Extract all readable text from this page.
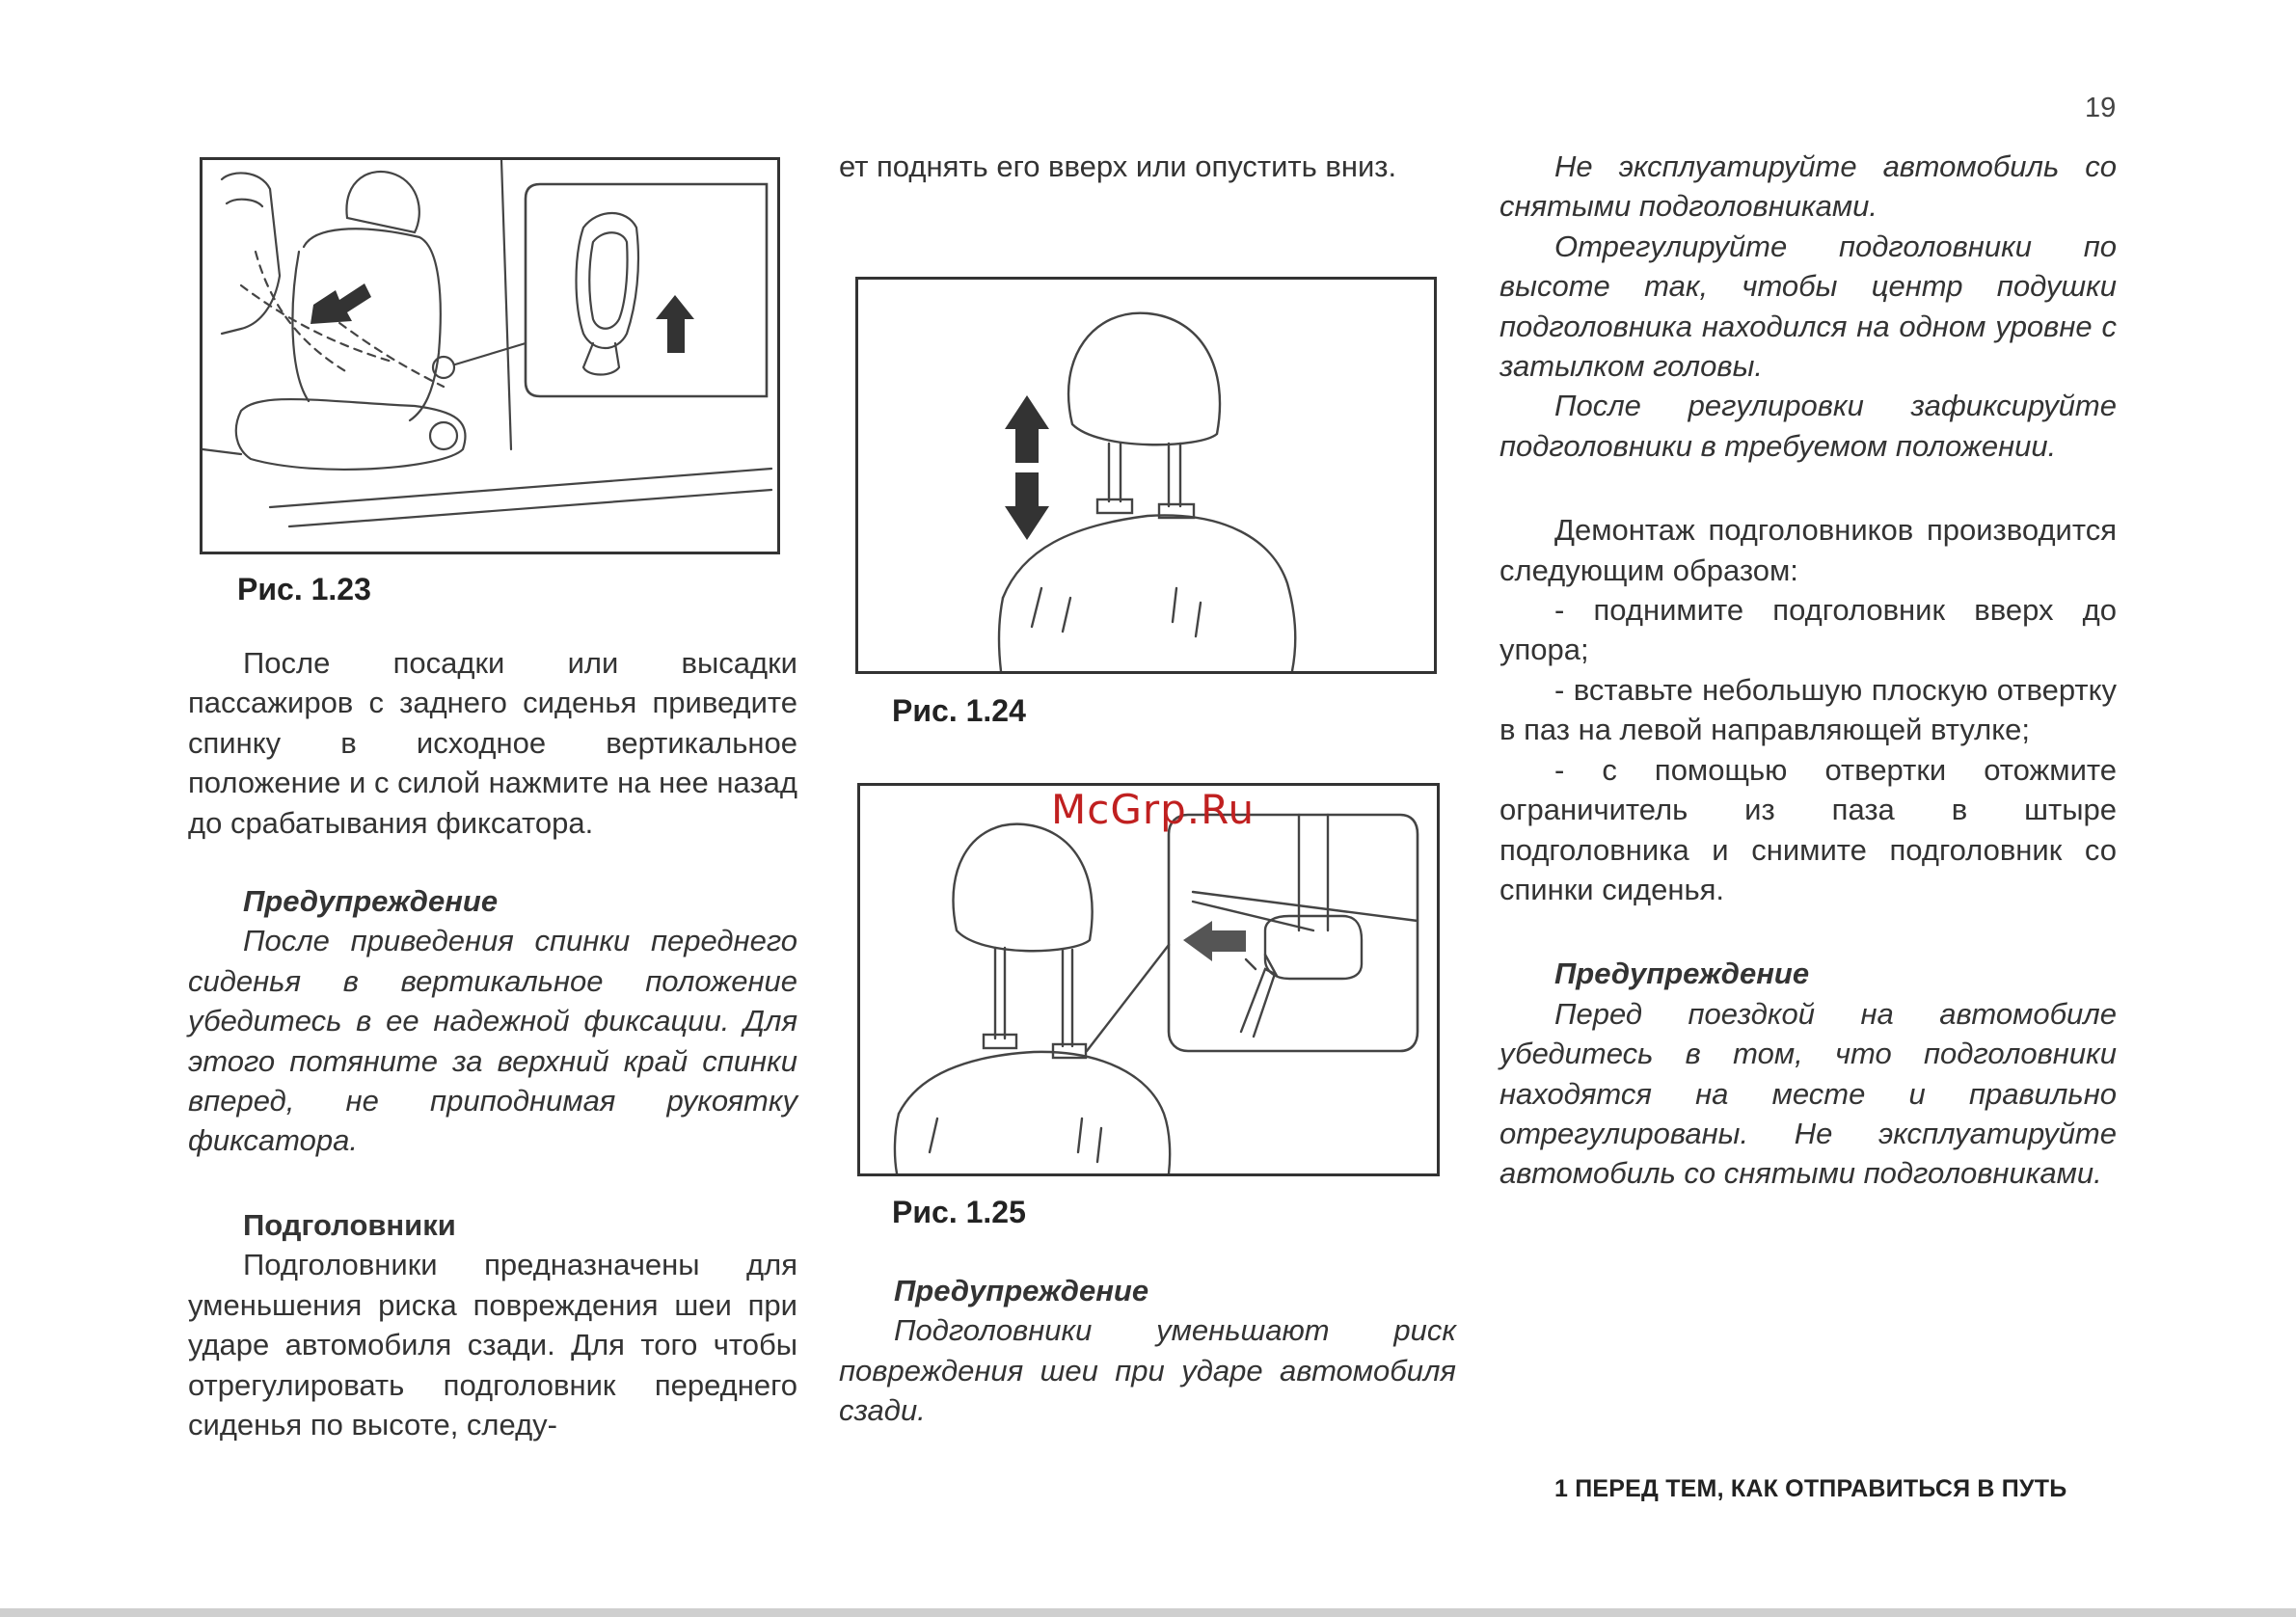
19
Рис. 1.23

После посадки или высадки пассажиров с заднего сиденья приведите спинку в исходное вертикальное положение и с силой нажмите на нее назад до срабатывания фиксатора.

Предупреждение

После приведения спинки переднего сиденья в вертикальное положение убедитесь в ее надежной фиксации. Для этого потяните за верхний край спинки вперед, не приподнимая рукоятку фиксатора.

Подголовники

Подголовники предназначены для уменьшения риска повреждения шеи при ударе автомобиля сзади. Для того чтобы отрегулировать подголовник переднего сиденья по высоте, следу-

ет поднять его вверх или опустить вниз.

Рис. 1.24
Рис. 1.25

Предупреждение

Подголовники уменьшают риск повреждения шеи при ударе автомобиля сзади.

Не эксплуатируйте автомобиль со снятыми подголовниками.

Отрегулируйте подголовники по высоте так, чтобы центр подушки подголовника находился на одном уровне с затылком головы.

После регулировки зафиксируйте подголовники в требуемом положении.

Демонтаж подголовников производится следующим образом:

- поднимите подголовник вверх до упора;

- вставьте небольшую плоскую отвертку в паз на левой направляющей втулке;

- с помощью отвертки отожмите ограничитель из паза в штыре подголовника и снимите подголовник со спинки сиденья.

Предупреждение

Перед поездкой на автомобиле убедитесь в том, что подголовники находятся на месте и правильно отрегулированы. Не эксплуатируйте автомобиль со снятыми подголовниками.

McGrp.Ru
1 ПЕРЕД ТЕМ, КАК ОТПРАВИТЬСЯ В ПУТЬ
